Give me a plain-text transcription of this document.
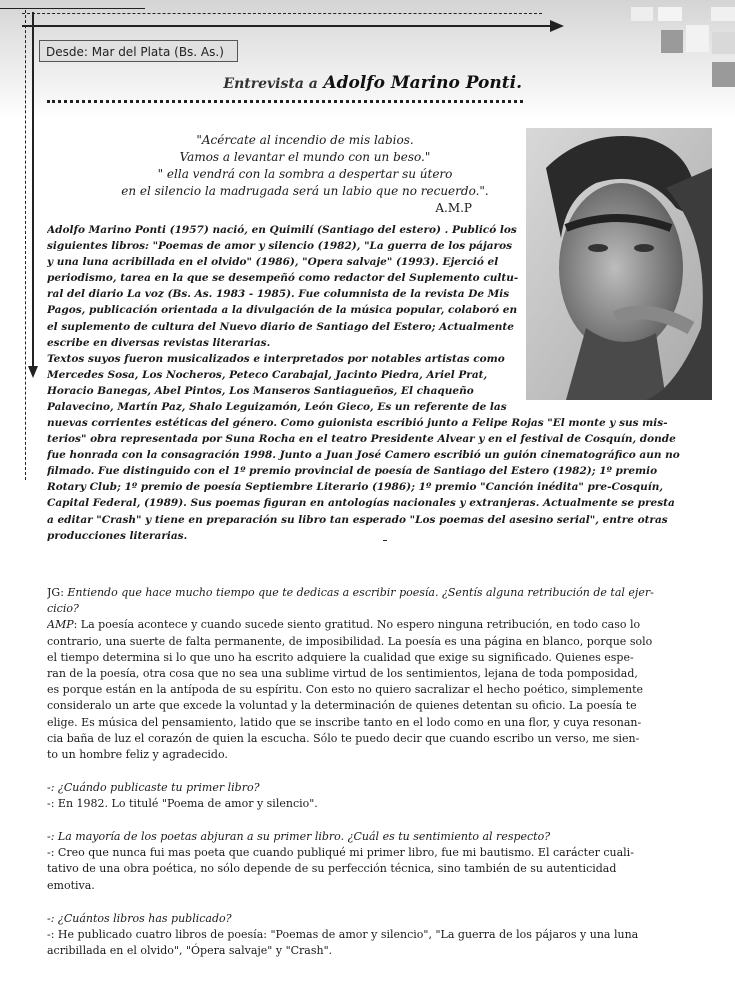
Desde: Mar del Plata (Bs. As.)
Entrevista a Adolfo Marino Ponti.
"Acércate al incendio de mis labios.
Vamos a levantar el mundo con un beso."
" ella vendrá con la sombra a despertar su útero
en el silencio la madrugada será un labio que no recuerdo.".
A.M.P
Adolfo Marino Ponti (1957) nació, en Quimilí (Santiago del estero) . Publicó los
siguientes libros: "Poemas de amor y silencio (1982), "La guerra de los pájaros
y una luna acribillada en el olvido" (1986), "Opera salvaje" (1993). Ejerció el
periodismo, tarea en la que se desempeñó como redactor del Suplemento cultu-
ral del diario La voz (Bs. As. 1983 - 1985). Fue columnista de la revista De Mis
Pagos, publicación orientada a la divulgación de la música popular, colaboró en
el suplemento de cultura del Nuevo diario de Santiago del Estero; Actualmente
escribe en diversas revistas literarias.
Textos suyos fueron musicalizados e interpretados por notables artistas como
Mercedes Sosa, Los Nocheros, Peteco Carabajal, Jacinto Piedra, Ariel Prat,
Horacio Banegas, Abel Pintos, Los Manseros Santiagueños, El chaqueño
Palavecino, Martín Paz, Shalo Leguizamón, León Gieco, Es un referente de las
nuevas corrientes estéticas del género. Como guionista escribió junto a Felipe Rojas "El monte y sus mis-
terios" obra representada por Suna Rocha en el teatro Presidente Alvear y en el festival de Cosquín, donde
fue honrada con la consagración 1998. Junto a Juan José Camero escribió un guión cinematográfico aun no
filmado. Fue distinguido con el 1º premio provincial de poesía de Santiago del Estero (1982); 1º premio
Rotary Club; 1º premio de poesía Septiembre Literario (1986); 1º premio "Canción inédita" pre-Cosquín,
Capital Federal, (1989). Sus poemas figuran en antologías nacionales y extranjeras. Actualmente se presta
a editar "Crash" y tiene en preparación su libro tan esperado "Los poemas del asesino serial", entre otras
producciones literarias.
JG: Entiendo que hace mucho tiempo que te dedicas a escribir poesía. ¿Sentís alguna retribución de tal ejer-
cicio?
AMP: La poesía acontece y cuando sucede siento gratitud. No espero ninguna retribución, en todo caso lo
contrario, una suerte de falta permanente, de imposibilidad. La poesía es una página en blanco, porque solo
el tiempo determina si lo que uno ha escrito adquiere la cualidad que exige su significado. Quienes espe-
ran de la poesía, otra cosa que no sea una sublime virtud de los sentimientos, lejana de toda pomposidad,
es porque están en la antípoda de su espíritu. Con esto no quiero sacralizar el hecho poético, simplemente
consideralo un arte que excede la voluntad y la determinación de quienes detentan su oficio. La poesía te
elige. Es música del pensamiento, latido que se inscribe tanto en el lodo como en una flor, y cuya resonan-
cia baña de luz el corazón de quien la escucha. Sólo te puedo decir que cuando escribo un verso, me sien-
to un hombre feliz y agradecido.
-: ¿Cuándo publicaste tu primer libro?
-: En 1982. Lo titulé "Poema de amor y silencio".
-: La mayoría de los poetas abjuran a su primer libro. ¿Cuál es tu sentimiento al respecto?
-: Creo que nunca fui mas poeta que cuando publiqué mi primer libro, fue mi bautismo. El carácter cuali-
tativo de una obra poética, no sólo depende de su perfección técnica, sino también de su autenticidad
emotiva.
-: ¿Cuántos libros has publicado?
-: He publicado cuatro libros de poesía: "Poemas de amor y silencio", "La guerra de los pájaros y una luna
acribillada en el olvido", "Ópera salvaje" y "Crash".
